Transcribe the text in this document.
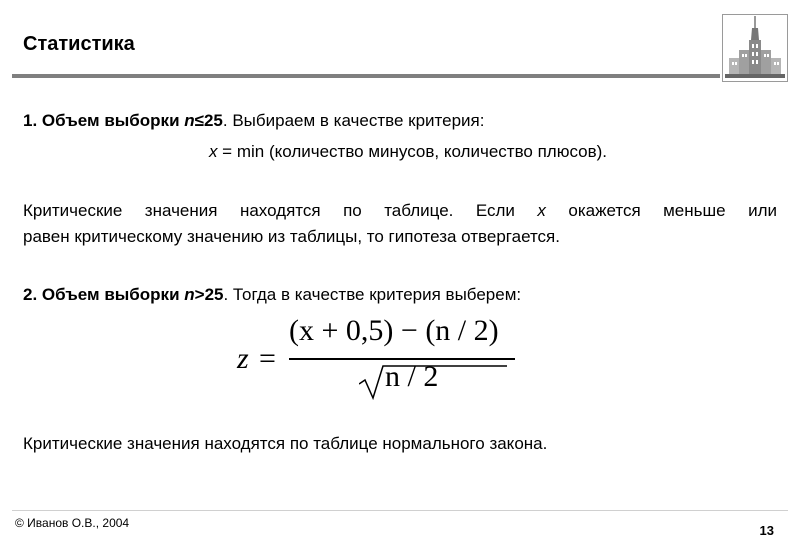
Статистика
1. Объем выборки n≤25. Выбираем в качестве критерия:
x = min (количество минусов, количество плюсов).
Критические значения находятся по таблице. Если x окажется меньше или
равен критическому значению из таблицы, то гипотеза отвергается.
2. Объем выборки n>25. Тогда в качестве критерия выберем:
z =
(x + 0,5) − (n / 2)
n / 2
Критические значения находятся по таблице нормального закона.
© Иванов О.В., 2004	13
